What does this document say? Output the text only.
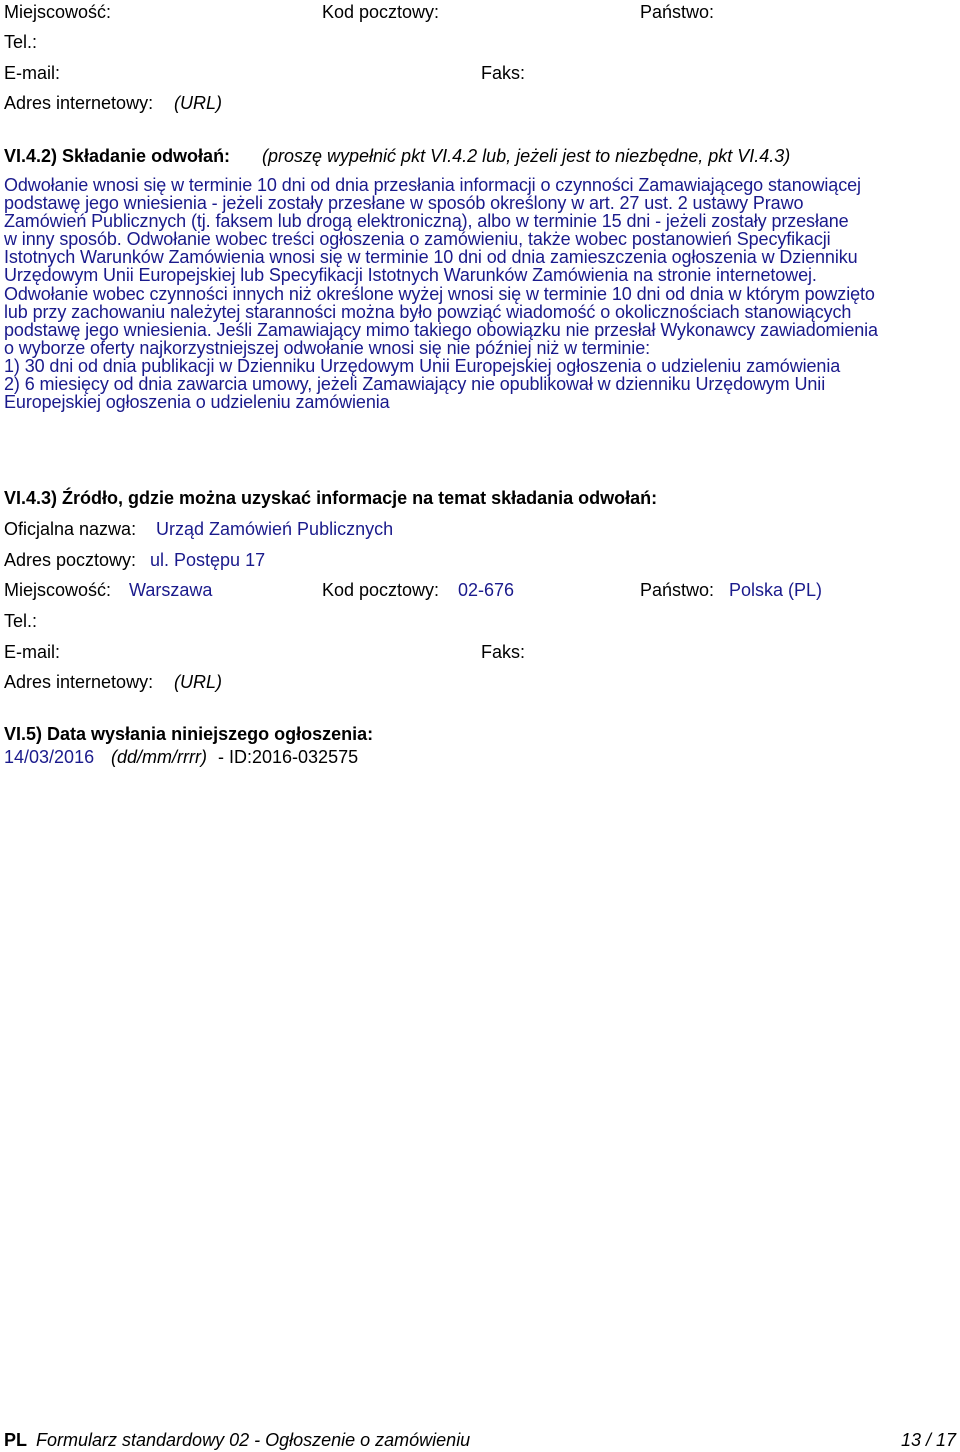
Miejscowość:	Kod pocztowy:	Państwo:
Tel.:
E-mail:	Faks:
Adres internetowy: (URL)
VI.4.2) Składanie odwołań: (proszę wypełnić pkt VI.4.2 lub, jeżeli jest to niezbędne, pkt VI.4.3)
Odwołanie wnosi się w terminie 10 dni od dnia przesłania informacji o czynności Zamawiającego stanowiącej
podstawę jego wniesienia - jeżeli zostały przesłane w sposób określony w art. 27 ust. 2 ustawy Prawo
Zamówień Publicznych (tj. faksem lub drogą elektroniczną), albo w terminie 15 dni - jeżeli zostały przesłane
w inny sposób. Odwołanie wobec treści ogłoszenia o zamówieniu, także wobec postanowień Specyfikacji
Istotnych Warunków Zamówienia wnosi się w terminie 10 dni od dnia zamieszczenia ogłoszenia w Dzienniku
Urzędowym Unii Europejskiej lub Specyfikacji Istotnych Warunków Zamówienia na stronie internetowej.
Odwołanie wobec czynności innych niż określone wyżej wnosi się w terminie 10 dni od dnia w którym powzięto
lub przy zachowaniu należytej staranności można było powziąć wiadomość o okolicznościach stanowiących
podstawę jego wniesienia. Jeśli Zamawiający mimo takiego obowiązku nie przesłał Wykonawcy zawiadomienia
o wyborze oferty najkorzystniejszej odwołanie wnosi się nie później niż w terminie:
1) 30 dni od dnia publikacji w Dzienniku Urzędowym Unii Europejskiej ogłoszenia o udzieleniu zamówienia
2) 6 miesięcy od dnia zawarcia umowy, jeżeli Zamawiający nie opublikował w dzienniku Urzędowym Unii
Europejskiej ogłoszenia o udzieleniu zamówienia
VI.4.3) Źródło, gdzie można uzyskać informacje na temat składania odwołań:
Oficjalna nazwa: Urząd Zamówień Publicznych
Adres pocztowy: ul. Postępu 17
Miejscowość: Warszawa	Kod pocztowy: 02-676	Państwo: Polska (PL)
Tel.:
E-mail:	Faks:
Adres internetowy: (URL)
VI.5) Data wysłania niniejszego ogłoszenia:
14/03/2016 (dd/mm/rrrr) - ID:2016-032575
PL Formularz standardowy 02 - Ogłoszenie o zamówieniu	13 / 17
